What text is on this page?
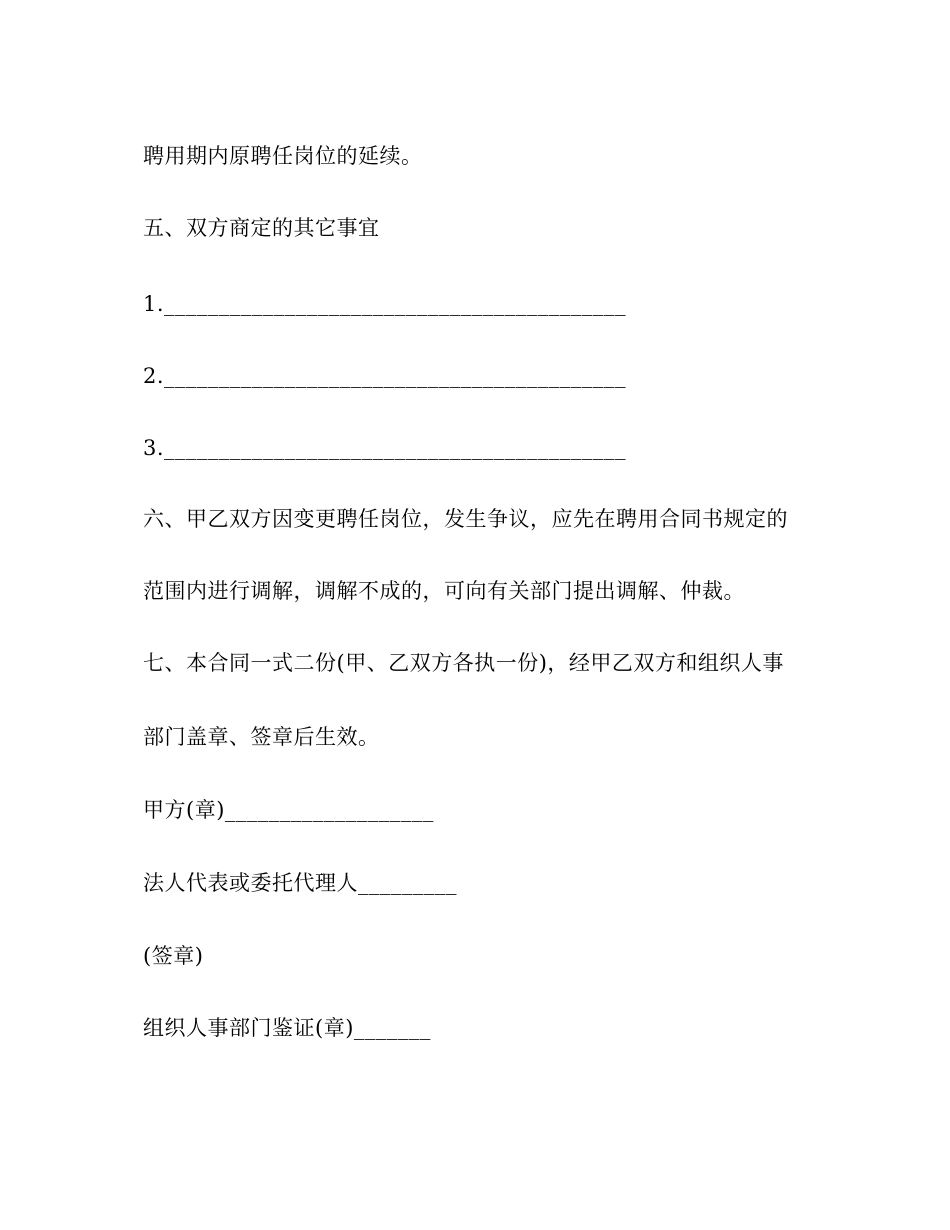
聘用期内原聘任岗位的延续。
五、双方商定的其它事宜
1.__________________________________________
2.__________________________________________
3.__________________________________________
六、甲乙双方因变更聘任岗位，发生争议，应先在聘用合同书规定的
范围内进行调解，调解不成的，可向有关部门提出调解、仲裁。
七、本合同一式二份(甲、乙双方各执一份)，经甲乙双方和组织人事
部门盖章、签章后生效。
甲方(章)___________________
法人代表或委托代理人_________
(签章)
组织人事部门鉴证(章)_______
